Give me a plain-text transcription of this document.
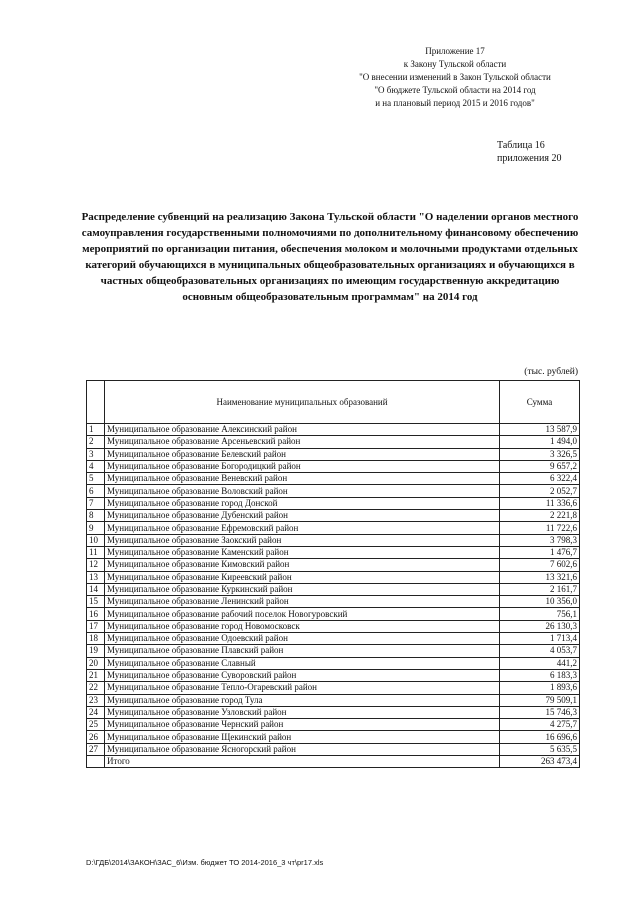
Приложение 17
к Закону Тульской области
"О внесении изменений в Закон Тульской области
"О бюджете Тульской области на 2014 год
и на плановый период 2015 и 2016 годов"
Таблица 16
приложения 20
Распределение субвенций на реализацию Закона Тульской области "О наделении органов местного самоуправления государственными полномочиями по дополнительному финансовому обеспечению мероприятий по организации питания, обеспечения молоком и молочными продуктами отдельных категорий обучающихся в муниципальных общеобразовательных организациях и обучающихся в частных общеобразовательных организациях по имеющим государственную аккредитацию основным общеобразовательным программам" на 2014 год
(тыс. рублей)
	Наименование муниципальных образований	Сумма
1	Муниципальное образование Алексинский район	13 587,9
2	Муниципальное образование Арсеньевский район	1 494,0
3	Муниципальное образование Белевский район	3 326,5
4	Муниципальное образование Богородицкий район	9 657,2
5	Муниципальное образование Веневский район	6 322,4
6	Муниципальное образование Воловский район	2 052,7
7	Муниципальное образование город Донской	11 336,6
8	Муниципальное образование Дубенский район	2 221,8
9	Муниципальное образование Ефремовский район	11 722,6
10	Муниципальное образование Заокский район	3 798,3
11	Муниципальное образование Каменский район	1 476,7
12	Муниципальное образование Кимовский район	7 602,6
13	Муниципальное образование Киреевский район	13 321,6
14	Муниципальное образование Куркинский район	2 161,7
15	Муниципальное образование Ленинский район	10 356,0
16	Муниципальное образование рабочий поселок Новогуровский	756,1
17	Муниципальное образование город Новомосковск	26 130,3
18	Муниципальное образование Одоевский район	1 713,4
19	Муниципальное образование Плавский район	4 053,7
20	Муниципальное образование Славный	441,2
21	Муниципальное образование Суворовский район	6 183,3
22	Муниципальное образование Тепло-Огаревский район	1 893,6
23	Муниципальное образование город Тула	79 509,1
24	Муниципальное образование Узловский район	15 746,3
25	Муниципальное образование Чернский район	4 275,7
26	Муниципальное образование Щекинский район	16 696,6
27	Муниципальное образование Ясногорский район	5 635,5
	Итого	263 473,4
D:\ГДБ\2014\ЗАКОН\ЗАС_6\Изм. бюджет ТО 2014-2016_3 чт\pr17.xls
